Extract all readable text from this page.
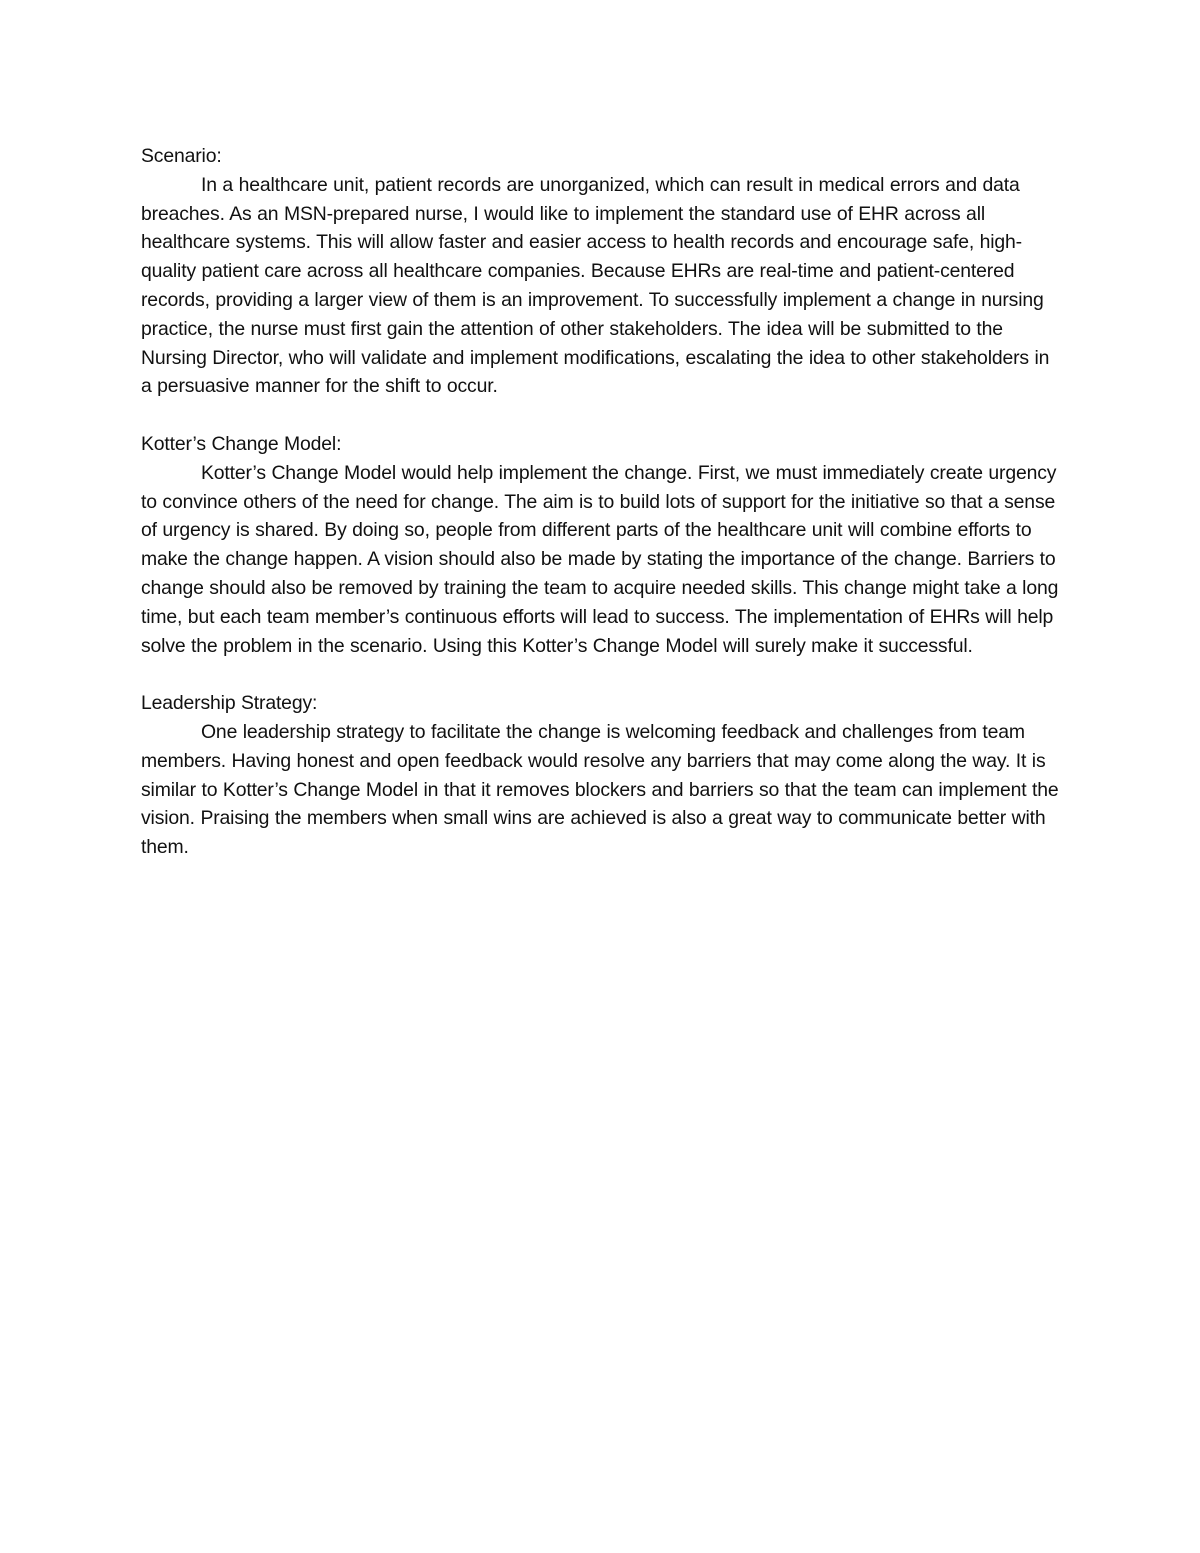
Scenario:

In a healthcare unit, patient records are unorganized, which can result in medical errors and data breaches. As an MSN-prepared nurse, I would like to implement the standard use of EHR across all healthcare systems. This will allow faster and easier access to health records and encourage safe, high-quality patient care across all healthcare companies. Because EHRs are real-time and patient-centered records, providing a larger view of them is an improvement. To successfully implement a change in nursing practice, the nurse must first gain the attention of other stakeholders. The idea will be submitted to the Nursing Director, who will validate and implement modifications, escalating the idea to other stakeholders in a persuasive manner for the shift to occur.

Kotter’s Change Model:

Kotter’s Change Model would help implement the change. First, we must immediately create urgency to convince others of the need for change. The aim is to build lots of support for the initiative so that a sense of urgency is shared. By doing so, people from different parts of the healthcare unit will combine efforts to make the change happen. A vision should also be made by stating the importance of the change. Barriers to change should also be removed by training the team to acquire needed skills. This change might take a long time, but each team member’s continuous efforts will lead to success. The implementation of EHRs will help solve the problem in the scenario. Using this Kotter’s Change Model will surely make it successful.

Leadership Strategy:

One leadership strategy to facilitate the change is welcoming feedback and challenges from team members. Having honest and open feedback would resolve any barriers that may come along the way. It is similar to Kotter’s Change Model in that it removes blockers and barriers so that the team can implement the vision. Praising the members when small wins are achieved is also a great way to communicate better with them.
